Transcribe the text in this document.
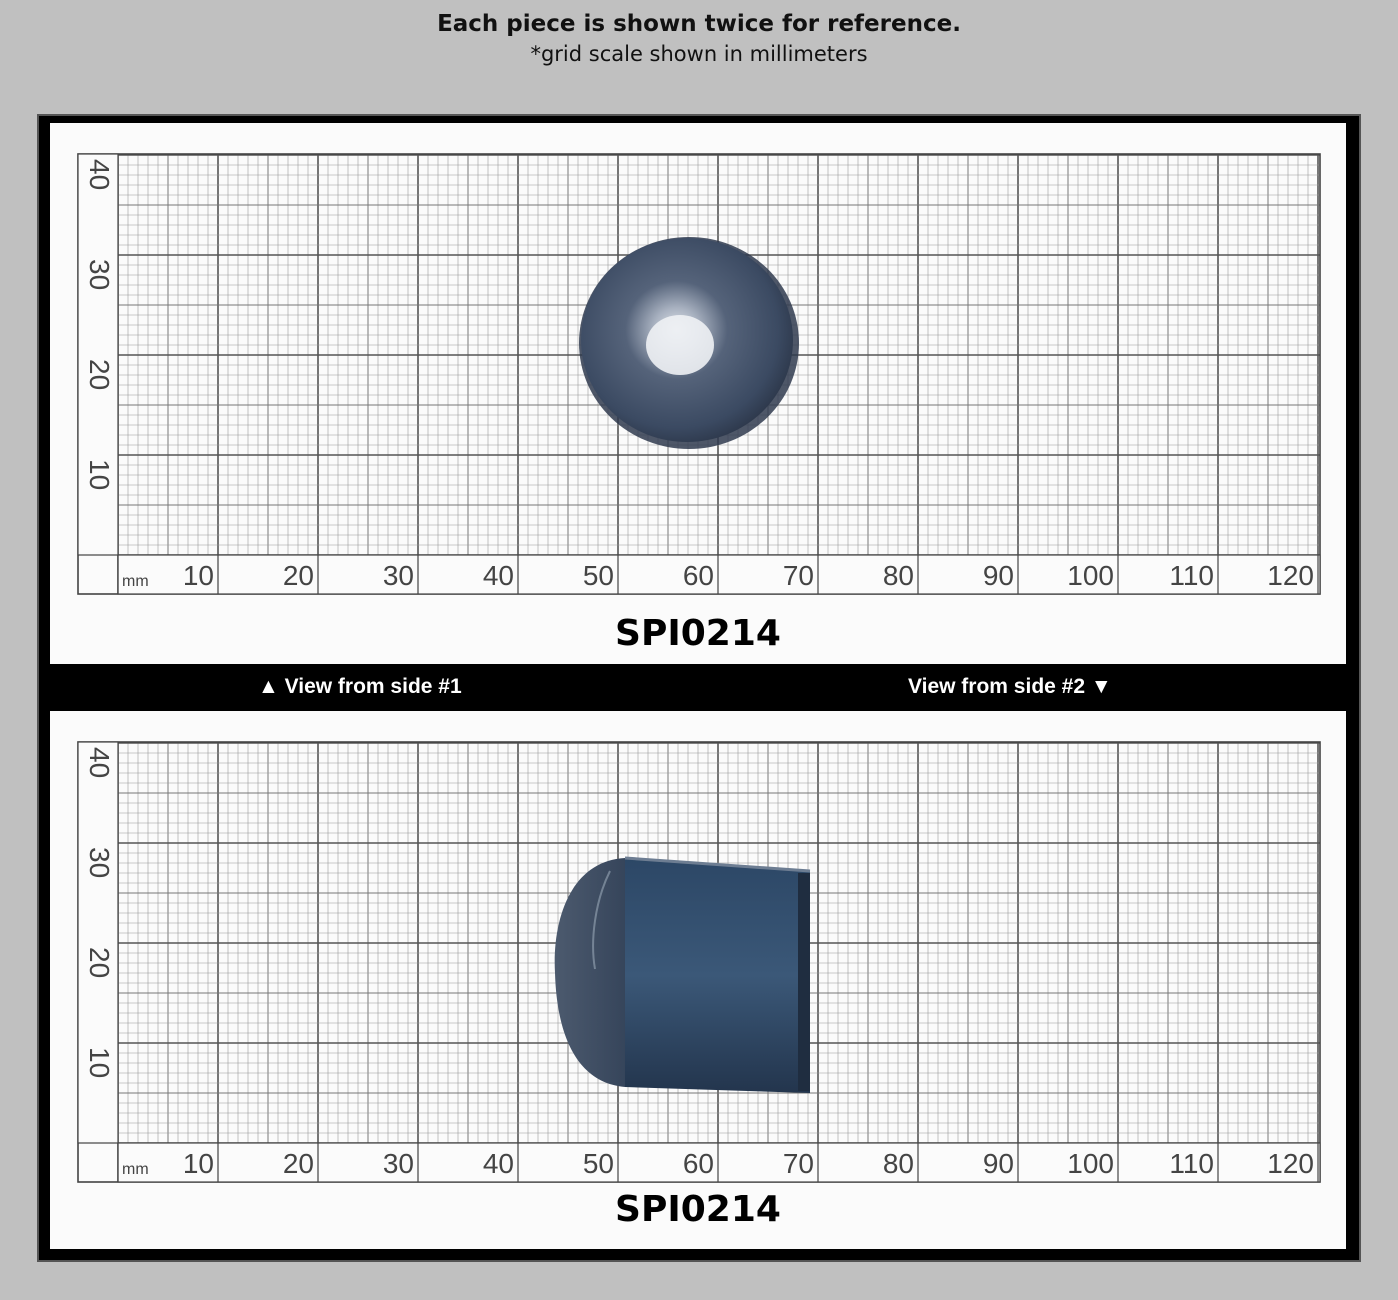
Each piece is shown twice for reference.
*grid scale shown in millimeters
10 20 30 40 50 60 70 80 90 100 110 120
mm
10
20
30
40
SPI0214
▲ View from side #1	View from side #2 ▼
10 20 30 40 50 60 70 80 90 100 110 120
mm
10
20
30
40
SPI0214
